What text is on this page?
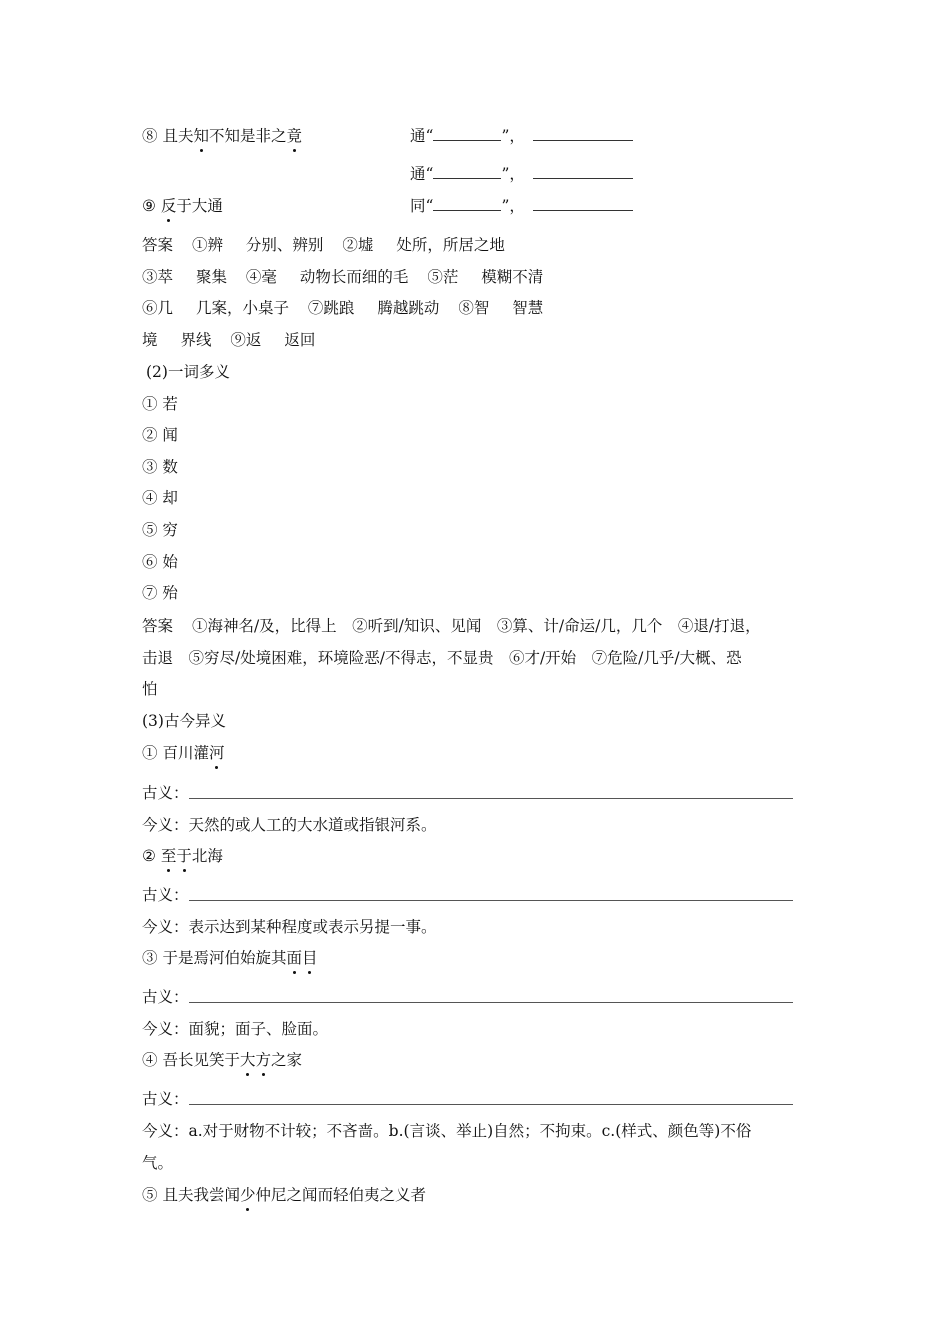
⑧ 且夫知不知是非之竟	通“	”，
通“	”，
⑨ 反于大通	同“	”，
答案 ①辨 分别、辨别 ②墟 处所，所居之地
③萃 聚集 ④毫 动物长而细的毛 ⑤茫 模糊不清
⑥几 几案，小桌子 ⑦跳踉 腾越跳动 ⑧智 智慧
境 界线 ⑨返 返回
(2)一词多义
① 若
② 闻
③ 数
④ 却
⑤ 穷
⑥ 始
⑦ 殆
答案 ①海神名/及，比得上　②听到/知识、见闻　③算、计/命运/几，几个　④退/打退，
击退　⑤穷尽/处境困难，环境险恶/不得志，不显贵　⑥才/开始　⑦危险/几乎/大概、恐
怕
(3)古今异义
① 百川灌河
古义：
今义：天然的或人工的大水道或指银河系。
② 至于北海
古义：
今义：表示达到某种程度或表示另提一事。
③ 于是焉河伯始旋其面目
古义：
今义：面貌；面子、脸面。
④ 吾长见笑于大方之家
古义：
今义：a.对于财物不计较；不吝啬。b.(言谈、举止)自然；不拘束。c.(样式、颜色等)不俗
气。
⑤ 且夫我尝闻少仲尼之闻而轻伯夷之义者
